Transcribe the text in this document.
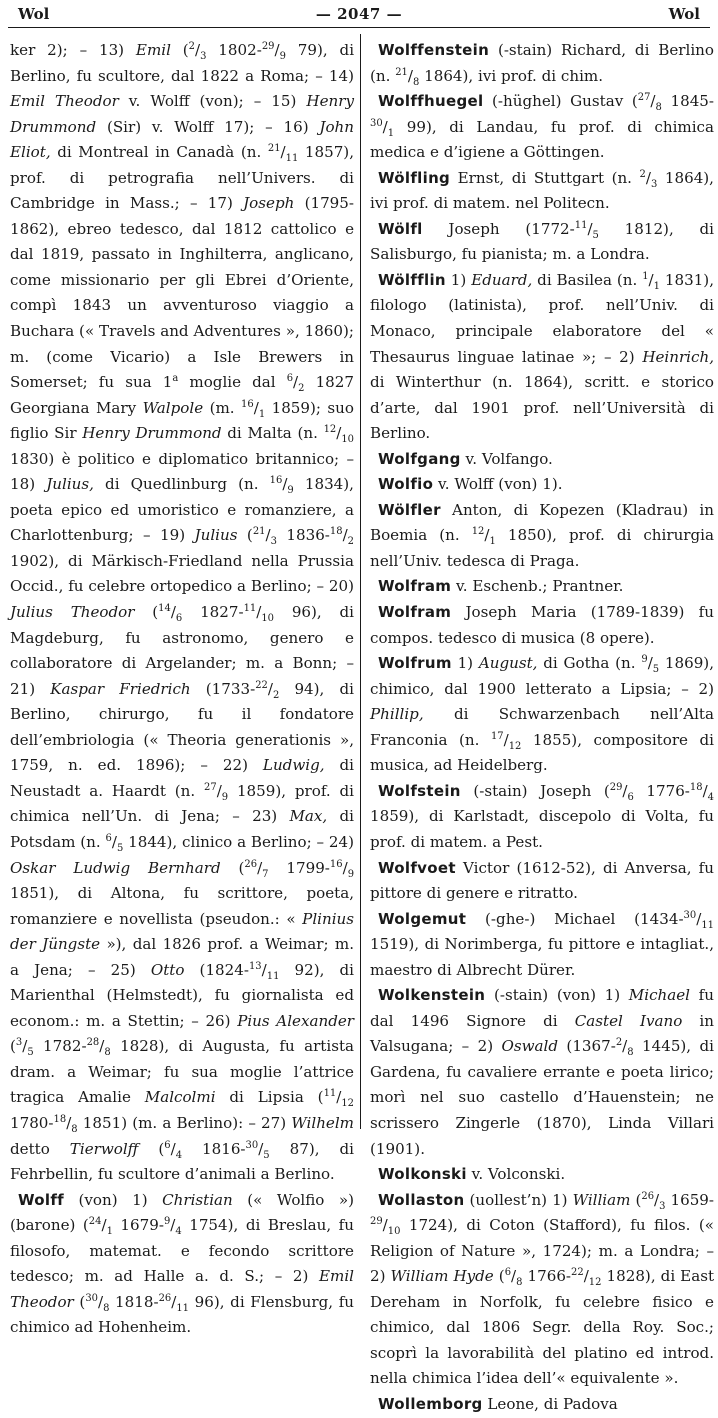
Wol	— 2047 —	Wol

ker 2); – 13) Emil ($^2/_3$ $1802-^{29}/_9$ 79), di Berlino, fu scultore, dal 1822 a Roma; – 14) Emil Theodor v. Wolff (von); – 15) Henry Drummond (Sir) v. Wolff 17); – 16) John Eliot, di Montreal in Canadà (n. $^{21}/_{11}$ 1857), prof. di petrografia nell’Univers. di Cambridge in Mass.; – 17) Joseph (1795-1862), ebreo tedesco, dal 1812 cattolico e dal 1819, passato in Inghilterra, anglicano, come missionario per gli Ebrei d’Oriente, compì 1843 un avventuroso viaggio a Buchara (« Travels and Adventures », 1860); m. (come Vicario) a Isle Brewers in Somerset; fu sua 1$^a$ moglie dal $^6/_2$ 1827 Georgiana Mary Walpole (m. $^{16}/_1$ 1859); suo figlio Sir Henry Drummond di Malta (n. $^{12}/_{10}$ 1830) è politico e diplomatico britannico; – 18) Julius, di Quedlinburg (n. $^{16}/_9$ 1834), poeta epico ed umoristico e romanziere, a Charlottenburg; – 19) Julius ($^{21}/_3$ $1836-^{18}/_2$ 1902), di Märkisch-Friedland nella Prussia Occid., fu celebre ortopedico a Berlino; – 20) Julius Theodor ($^{14}/_6$ $1827-^{11}/_{10}$ 96), di Magdeburg, fu astronomo, genero e collaboratore di Argelander; m. a Bonn; – 21) Kaspar Friedrich ($1733-^{22}/_2$ 94), di Berlino, chirurgo, fu il fondatore dell’embriologia (« Theoria generationis », 1759, n. ed. 1896); – 22) Ludwig, di Neustadt a. Haardt (n. $^{27}/_9$ 1859), prof. di chimica nell’Un. di Jena; – 23) Max, di Potsdam (n. $^6/_5$ 1844), clinico a Berlino; – 24) Oskar Ludwig Bernhard ($^{26}/_7$ $1799-^{16}/_9$ 1851), di Altona, fu scrittore, poeta, romanziere e novellista (pseudon.: « Plinius der Jüngste »), dal 1826 prof. a Weimar; m. a Jena; – 25) Otto ($1824-^{13}/_{11}$ 92), di Marienthal (Helmstedt), fu giornalista ed econom.: m. a Stettin; – 26) Pius Alexander ($^3/_5$ $1782-^{28}/_8$ 1828), di Augusta, fu artista dram. a Weimar; fu sua moglie l’attrice tragica Amalie Malcolmi di Lipsia ($^{11}/_{12}$ $1780-^{18}/_8$ 1851) (m. a Berlino): – 27) Wilhelm detto Tierwolff ($^6/_4$ $1816-^{30}/_5$ 87), di Fehrbellin, fu scultore d’animali a Berlino.

Wolff (von) 1) Christian (« Wolfio ») (barone) ($^{24}/_1$ $1679-^9/_4$ 1754), di Breslau, fu filosofo, matemat. e fecondo scrittore tedesco; m. ad Halle a. d. S.; – 2) Emil Theodor ($^{30}/_8$ $1818-^{26}/_{11}$ 96), di Flensburg, fu chimico ad Hohenheim.

Wolffenstein (-stain) Richard, di Berlino (n. $^{21}/_8$ 1864), ivi prof. di chim.

Wolffhuegel (-hüghel) Gustav ($^{27}/_8$ $1845-^{30}/_1$ 99), di Landau, fu prof. di chimica medica e d’igiene a Göttingen.

Wölfling Ernst, di Stuttgart (n. $^2/_3$ 1864), ivi prof. di matem. nel Politecn.

Wölfl Joseph ($1772-^{11}/_5$ 1812), di Salisburgo, fu pianista; m. a Londra.

Wölfflin 1) Eduard, di Basilea (n. $^1/_1$ 1831), filologo (latinista), prof. nell’Univ. di Monaco, principale elaboratore del « Thesaurus linguae latinae »; – 2) Heinrich, di Winterthur (n. 1864), scritt. e storico d’arte, dal 1901 prof. nell’Università di Berlino.

Wolfgang v. Volfango.

Wolfio v. Wolff (von) 1).

Wölfler Anton, di Kopezen (Kladrau) in Boemia (n. $^{12}/_1$ 1850), prof. di chirurgia nell’Univ. tedesca di Praga.

Wolfram v. Eschenb.; Prantner.

Wolfram Joseph Maria (1789-1839) fu compos. tedesco di musica (8 opere).

Wolfrum 1) August, di Gotha (n. $^9/_5$ 1869), chimico, dal 1900 letterato a Lipsia; – 2) Phillip, di Schwarzenbach nell’Alta Franconia (n. $^{17}/_{12}$ 1855), compositore di musica, ad Heidelberg.

Wolfstein (-stain) Joseph ($^{29}/_6$ $1776-^{18}/_4$ 1859), di Karlstadt, discepolo di Volta, fu prof. di matem. a Pest.

Wolfvoet Victor (1612-52), di Anversa, fu pittore di genere e ritratto.

Wolgemut (-ghe-) Michael ($1434-^{30}/_{11}$ 1519), di Norimberga, fu pittore e intagliat., maestro di Albrecht Dürer.

Wolkenstein (-stain) (von) 1) Michael fu dal 1496 Signore di Castel Ivano in Valsugana; – 2) Oswald ($1367-^2/_8$ 1445), di Gardena, fu cavaliere errante e poeta lirico; morì nel suo castello d’Hauenstein; ne scrissero Zingerle (1870), Linda Villari (1901).

Wolkonski v. Volconski.

Wollaston (uollest’n) 1) William ($^{26}/_3$ $1659-^{29}/_{10}$ 1724), di Coton (Stafford), fu filos. (« Religion of Nature », 1724); m. a Londra; – 2) William Hyde ($^6/_8$ $1766-^{22}/_{12}$ 1828), di East Dereham in Norfolk, fu celebre fisico e chimico, dal 1806 Segr. della Roy. Soc.; scoprì la lavorabilità del platino ed introd. nella chimica l’idea dell’« equivalente ».

Wollemborg Leone, di Padova
